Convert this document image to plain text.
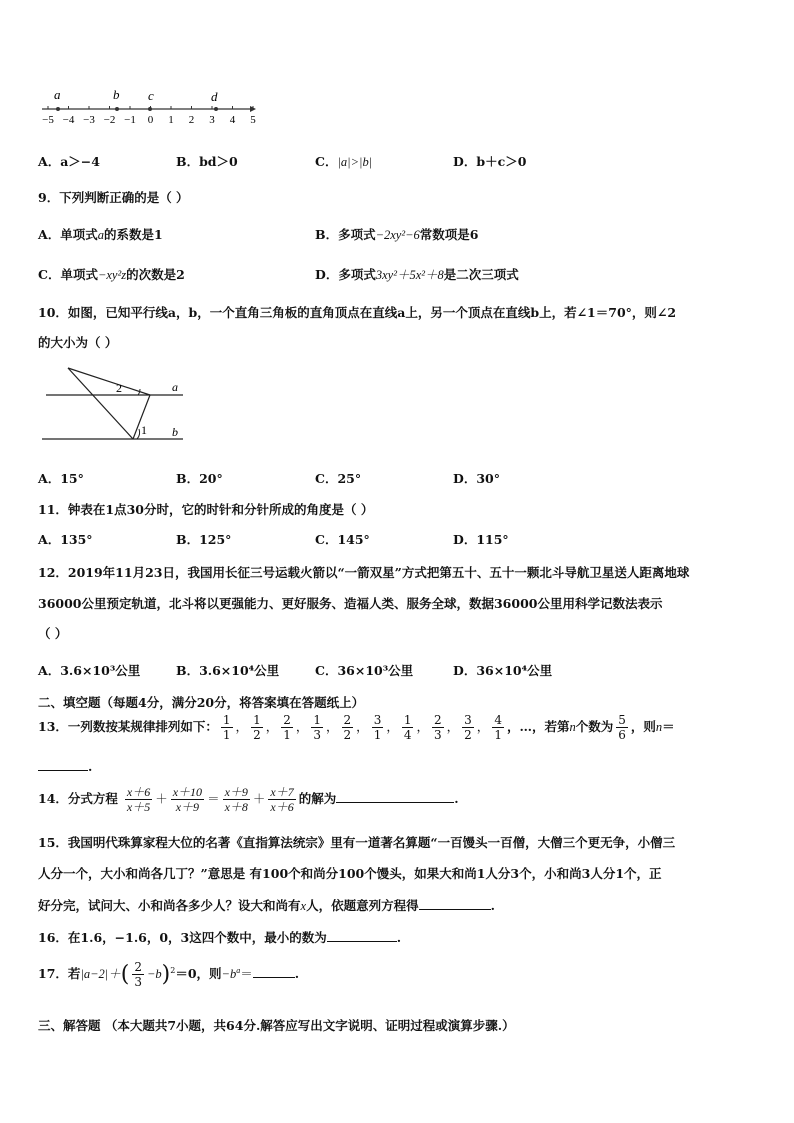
−5 −4 −3 −2 −1 0 1 2 3 4 5
a	b c	d
A．a＞−4	B．bd＞0	C．|a|>|b|	D．b＋c＞0
9．下列判断正确的是（ ）
A．单项式a的系数是1	B．多项式−2xy²−6常数项是6
C．单项式−xy²z的次数是2	D．多项式3xy²＋5x²＋8是二次三项式
10．如图，已知平行线a，b，一个直角三角板的直角顶点在直线a上，另一个顶点在直线b上，若∠1＝70°，则∠2
的大小为（ ）
2
1
a
b
A．15°	B．20°	C．25°	D．30°
11．钟表在1点30分时，它的时针和分针所成的角度是（ ）
A．135°	B．125°	C．145°	D．115°
12．2019年11月23日，我国用长征三号运载火箭以“一箭双星”方式把第五十、五十一颗北斗导航卫星送人距离地球
36000公里预定轨道，北斗将以更强能力、更好服务、造福人类、服务全球，数据36000公里用科学记数法表示
（ ）
A．3.6×10³公里	B．3.6×10⁴公里	C．36×10³公里	D．36×10⁴公里
二、填空题（每题4分，满分20分，将答案填在答题纸上）
13．一列数按某规律排列如下： $\frac{1}{1}$ ， $\frac{1}{2}$ ， $\frac{2}{1}$ ， $\frac{1}{3}$ ， $\frac{2}{2}$ ， $\frac{3}{1}$ ， $\frac{1}{4}$ ， $\frac{2}{3}$ ， $\frac{3}{2}$ ， $\frac{4}{1}$ ，…，若第n个数为 $\frac{5}{6}$ ，则n＝
.
14．分式方程 $\frac{x+6}{x+5} + \frac{x+10}{x+9} = \frac{x+9}{x+8} + \frac{x+7}{x+6}$ 的解为	.
15．我国明代珠算家程大位的名著《直指算法统宗》里有一道著名算题“一百馒头一百僧，大僧三个更无争，小僧三
人分一个，大小和尚各几丁？”意思是 有100个和尚分100个馒头，如果大和尚1人分3个，小和尚3人分1个，正
好分完，试问大、小和尚各多少人？设大和尚有x人，依题意列方程得	.
16．在1.6，−1.6，0，3这四个数中，最小的数为	.
17．若$|a-2|+( \frac{2}{3} -b)^2=0$，则$-b^a=$	.
三、解答题 （本大题共7小题，共64分.解答应写出文字说明、证明过程或演算步骤.）
